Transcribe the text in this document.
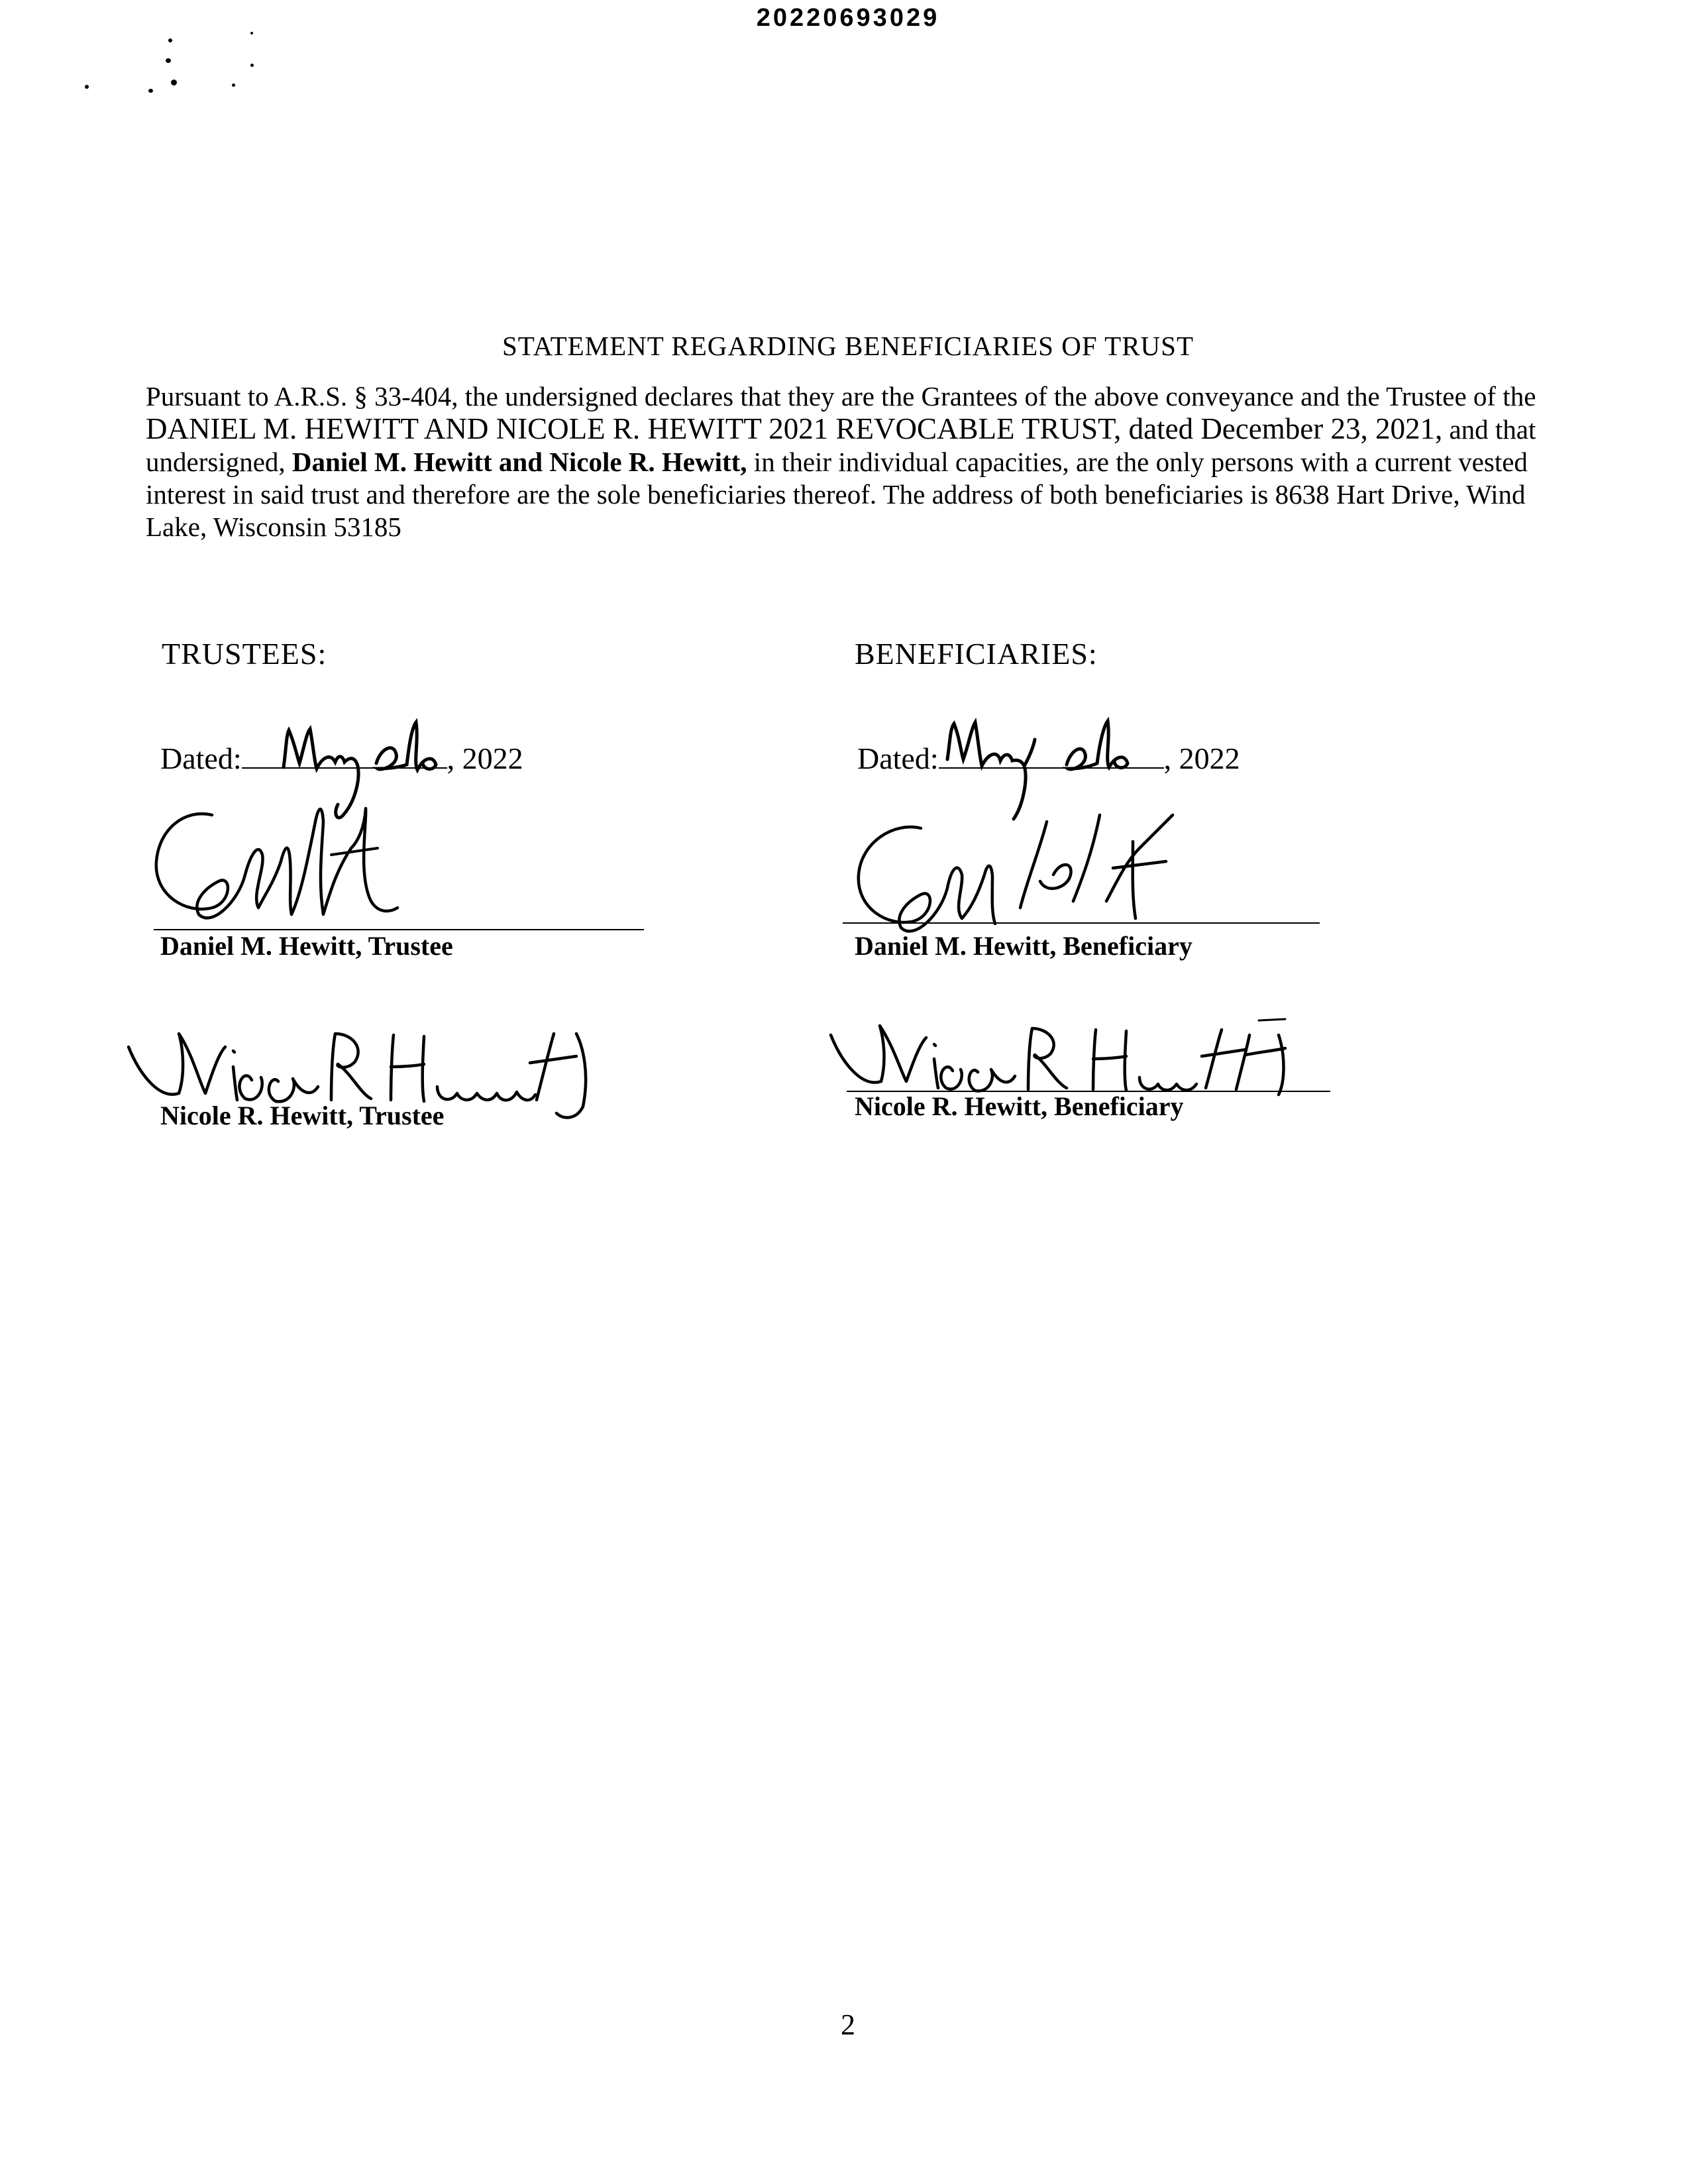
20220693029
STATEMENT REGARDING BENEFICIARIES OF TRUST
Pursuant to A.R.S. § 33-404, the undersigned declares that they are the Grantees of the above conveyance and the Trustee of the DANIEL M. HEWITT AND NICOLE R. HEWITT 2021 REVOCABLE TRUST, dated December 23, 2021, and that undersigned, Daniel M. Hewitt and Nicole R. Hewitt, in their individual capacities, are the only persons with a current vested interest in said trust and therefore are the sole beneficiaries thereof. The address of both beneficiaries is 8638 Hart Drive, Wind Lake, Wisconsin 53185
TRUSTEES:
Dated:	, 2022
Daniel M. Hewitt, Trustee
Nicole R. Hewitt, Trustee
BENEFICIARIES:
Dated:	, 2022
Daniel M. Hewitt, Beneficiary
Nicole R. Hewitt, Beneficiary
2
